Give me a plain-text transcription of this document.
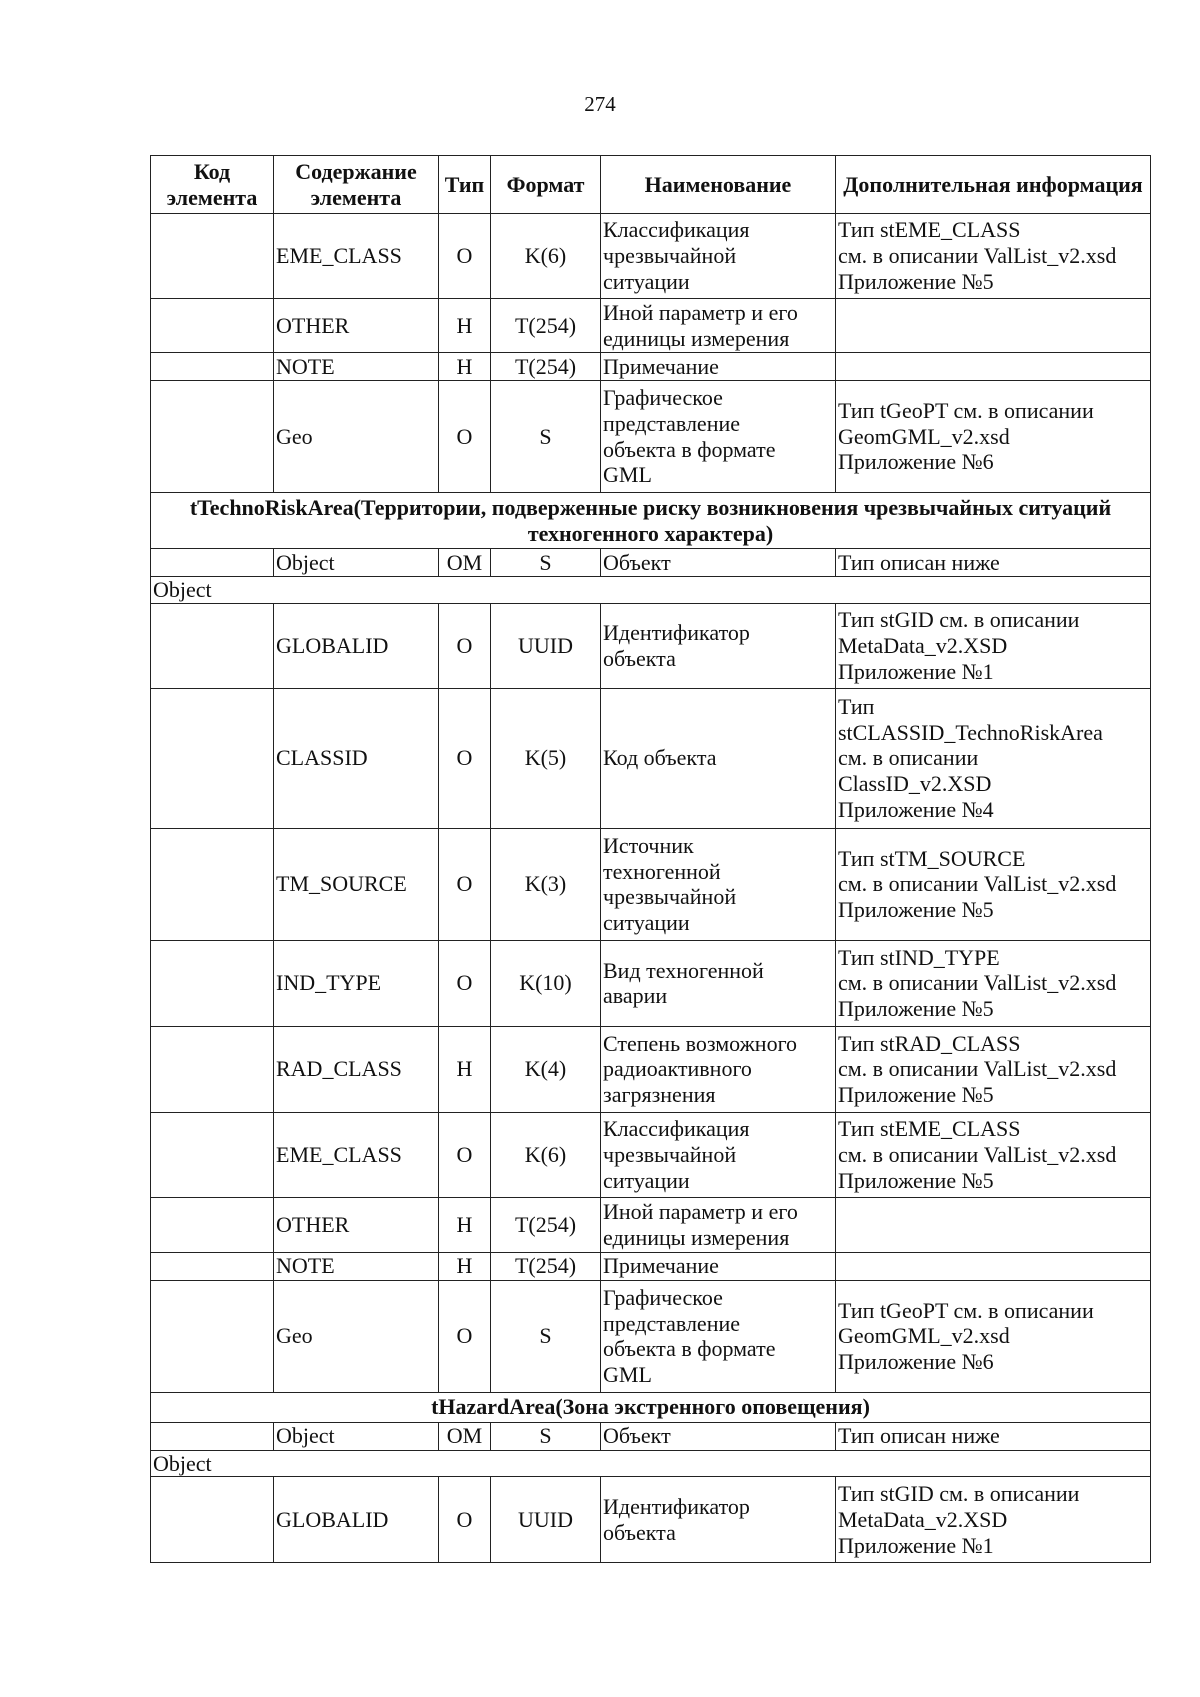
274
Код элемента	Содержание элемента	Тип	Формат	Наименование	Дополнительная информация
	EME_CLASS	О	K(6)	Классификация
чрезвычайной
ситуации	Тип stEME_CLASS
см. в описании ValList_v2.xsd
Приложение №5

	OTHER	Н	T(254)	Иной параметр и его
единицы измерения	

	NOTE	Н	T(254)	Примечание	

	Geo	О	S	Графическое
представление
объекта в формате
GML	Тип tGeoPT см. в описании
GeomGML_v2.xsd
Приложение №6

tTechnoRiskArea(Территории, подверженные риску возникновения чрезвычайных ситуаций техногенного характера)					
	Object	ОМ	S	Объект	Тип описан ниже

Object					
	GLOBALID	О	UUID	Идентификатор
объекта	Тип stGID см. в описании
MetaData_v2.XSD
Приложение №1

	CLASSID	О	K(5)	Код объекта	Тип
stCLASSID_TechnoRiskArea
см. в описании
ClassID_v2.XSD
Приложение №4

	TM_SOURCE	О	K(3)	Источник
техногенной
чрезвычайной
ситуации	Тип stTM_SOURCE
см. в описании ValList_v2.xsd
Приложение №5

	IND_TYPE	О	K(10)	Вид техногенной
аварии	Тип stIND_TYPE
см. в описании ValList_v2.xsd
Приложение №5

	RAD_CLASS	Н	K(4)	Степень возможного
радиоактивного
загрязнения	Тип stRAD_CLASS
см. в описании ValList_v2.xsd
Приложение №5

	EME_CLASS	О	K(6)	Классификация
чрезвычайной
ситуации	Тип stEME_CLASS
см. в описании ValList_v2.xsd
Приложение №5

	OTHER	Н	T(254)	Иной параметр и его
единицы измерения	

	NOTE	Н	T(254)	Примечание	

	Geo	О	S	Графическое
представление
объекта в формате
GML	Тип tGeoPT см. в описании
GeomGML_v2.xsd
Приложение №6

tHazardArea(Зона экстренного оповещения)					
	Object	ОМ	S	Объект	Тип описан ниже

Object					
	GLOBALID	О	UUID	Идентификатор
объекта	Тип stGID см. в описании
MetaData_v2.XSD
Приложение №1
